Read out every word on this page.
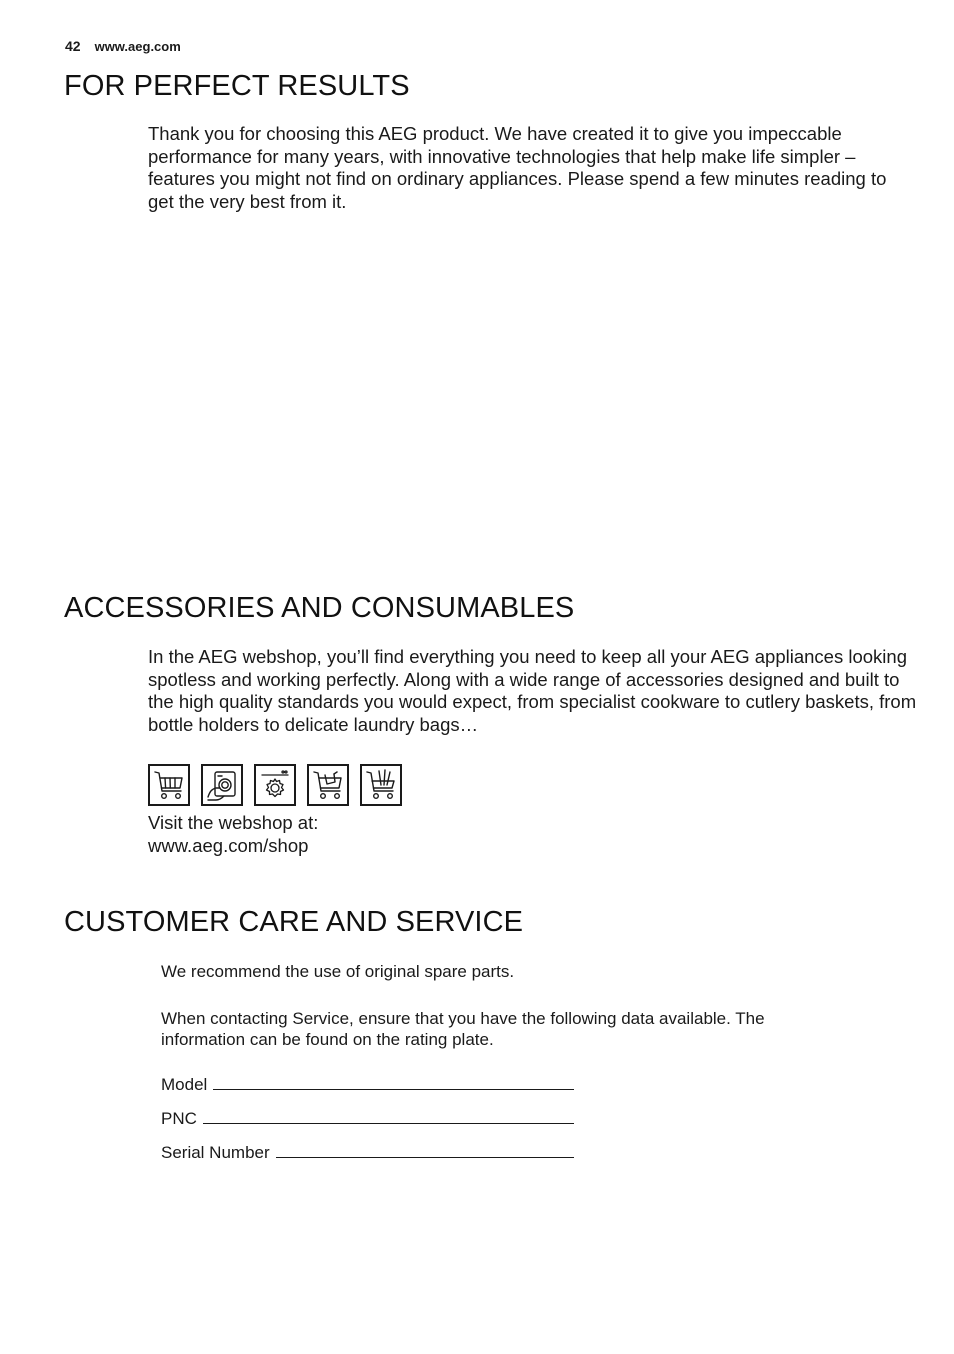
42 www.aeg.com
FOR PERFECT RESULTS

Thank you for choosing this AEG product. We have created it to give you impeccable performance for many years, with innovative technologies that help make life simpler – features you might not find on ordinary appliances. Please spend a few minutes reading to get the very best from it.

ACCESSORIES AND CONSUMABLES

In the AEG webshop, you’ll find everything you need to keep all your AEG appliances looking spotless and working perfectly. Along with a wide range of accessories designed and built to the high quality standards you would expect, from specialist cookware to cutlery baskets, from bottle holders to delicate laundry bags…

Visit the webshop at:

www.aeg.com/shop

CUSTOMER CARE AND SERVICE

We recommend the use of original spare parts.

When contacting Service, ensure that you have the following data available. The information can be found on the rating plate.

Model
PNC
Serial Number
